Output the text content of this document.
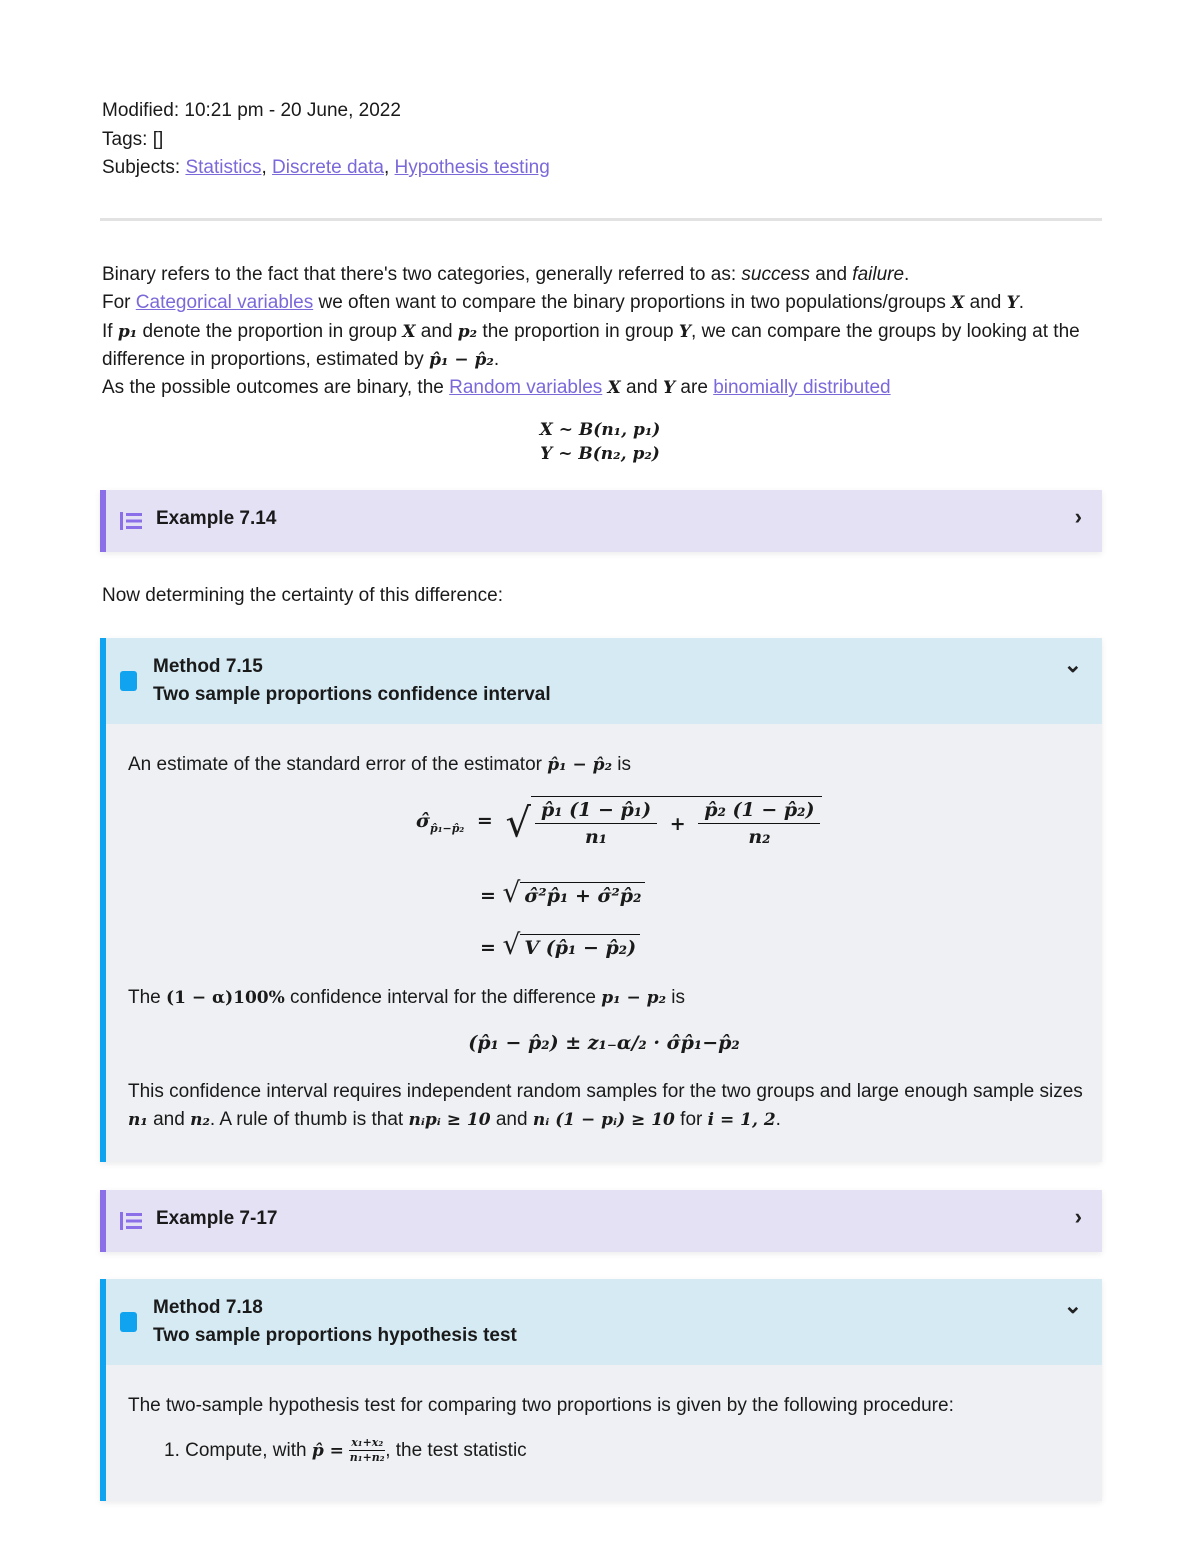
Modified: 10:21 pm - 20 June, 2022
Tags: []
Subjects: Statistics, Discrete data, Hypothesis testing
Binary refers to the fact that there's two categories, generally referred to as: success and failure.
For Categorical variables we often want to compare the binary proportions in two populations/groups X and Y.
If p₁ denote the proportion in group X and p₂ the proportion in group Y, we can compare the groups by looking at the difference in proportions, estimated by p̂₁ − p̂₂.
As the possible outcomes are binary, the Random variables X and Y are binomially distributed
X ~ B(n₁, p₁)
Y ~ B(n₂, p₂)
Example 7.14	›
Now determining the certainty of this difference:
Method 7.15
Two sample proportions confidence interval
⌄
An estimate of the standard error of the estimator p̂₁ − p̂₂ is
$\sigmâ_{p̂_1-p̂_2}$ = √ $\frac{\text{p̂₁ (1 − p̂₁)}}{\text{n₁}} + \frac{\text{p̂₂ (1 − p̂₂)}}{\text{n₂}}$
= √ σ̂²p̂₁ + σ̂²p̂₂
= √ V (p̂₁ − p̂₂)
The (1 − α)100% confidence interval for the difference p₁ − p₂ is
(p̂₁ − p̂₂) ± z₁₋α/₂ · σ̂p̂₁−p̂₂
This confidence interval requires independent random samples for the two groups and large enough sample sizes n₁ and n₂. A rule of thumb is that nᵢpᵢ ≥ 10 and nᵢ (1 − pᵢ) ≥ 10 for i = 1, 2.
Example 7-17	›
Method 7.18
Two sample proportions hypothesis test
⌄
The two-sample hypothesis test for comparing two proportions is given by the following procedure:
1. Compute, with p̂ = $\frac{\text{x₁+x₂}}{\text{n₁+n₂}}$ , the test statistic
